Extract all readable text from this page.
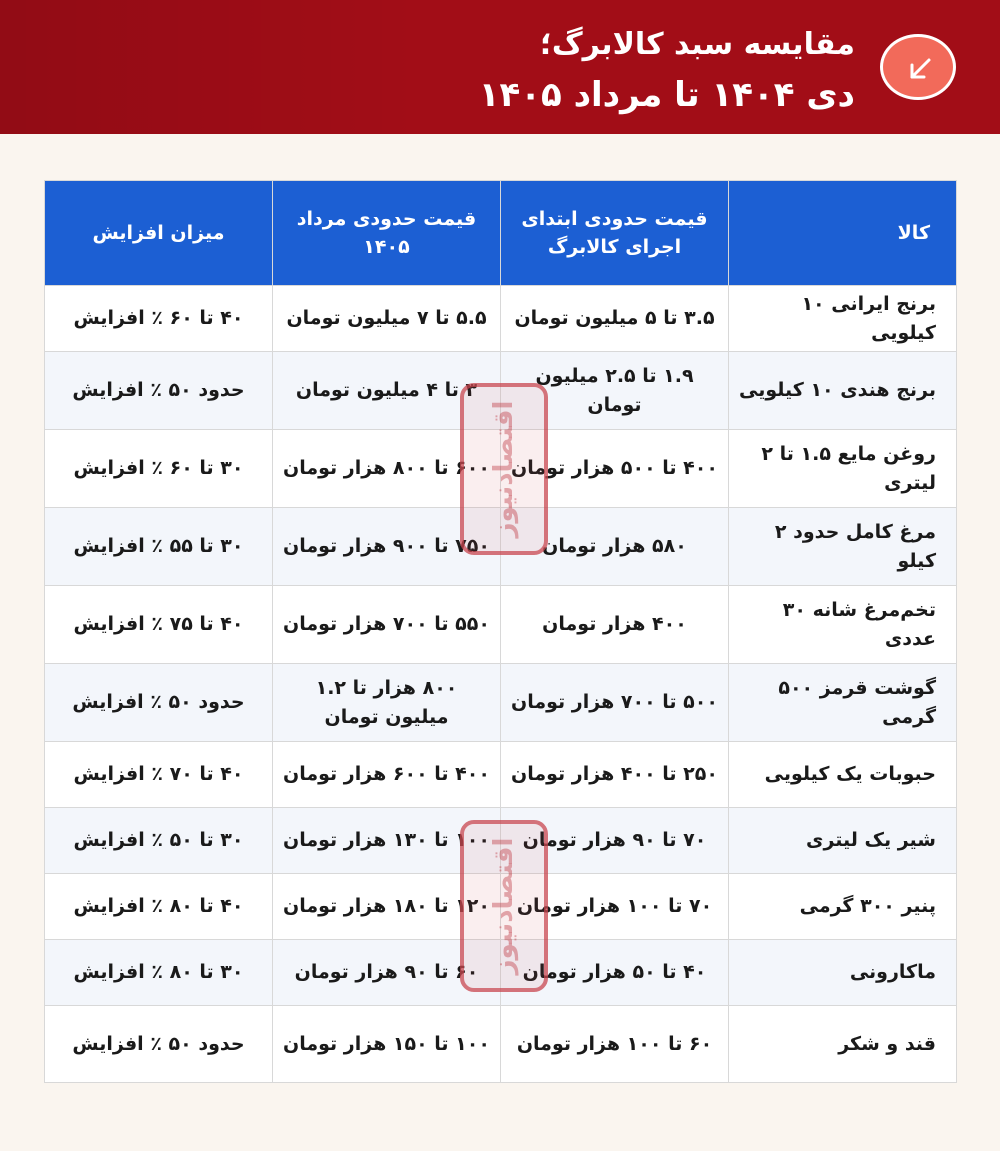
مقایسه سبد کالابرگ؛
دی ۱۴۰۴ تا مرداد ۱۴۰۵
کالا	قیمت حدودی ابتدای اجرای کالابرگ	قیمت حدودی مرداد ۱۴۰۵	میزان افزایش
برنج ایرانی ۱۰ کیلویی	۳.۵ تا ۵ میلیون تومان	۵.۵ تا ۷ میلیون تومان	۴۰ تا ۶۰ ٪ افزایش
برنج هندی ۱۰ کیلویی	۱.۹ تا ۲.۵ میلیون تومان	۳ تا ۴ میلیون تومان	حدود ۵۰ ٪ افزایش
روغن مایع ۱.۵ تا ۲ لیتری	۴۰۰ تا ۵۰۰ هزار تومان	۶۰۰ تا ۸۰۰ هزار تومان	۳۰ تا ۶۰ ٪ افزایش
مرغ کامل حدود ۲ کیلو	۵۸۰ هزار تومان	۷۵۰ تا ۹۰۰ هزار تومان	۳۰ تا ۵۵ ٪ افزایش
تخم‌مرغ شانه ۳۰ عددی	۴۰۰ هزار تومان	۵۵۰ تا ۷۰۰ هزار تومان	۴۰ تا ۷۵ ٪ افزایش
گوشت قرمز ۵۰۰ گرمی	۵۰۰ تا ۷۰۰ هزار تومان	۸۰۰ هزار تا ۱.۲ میلیون تومان	حدود ۵۰ ٪ افزایش
حبوبات یک کیلویی	۲۵۰ تا ۴۰۰ هزار تومان	۴۰۰ تا ۶۰۰ هزار تومان	۴۰ تا ۷۰ ٪ افزایش
شیر یک لیتری	۷۰ تا ۹۰ هزار تومان	۱۰۰ تا ۱۳۰ هزار تومان	۳۰ تا ۵۰ ٪ افزایش
پنیر ۳۰۰ گرمی	۷۰ تا ۱۰۰ هزار تومان	۱۲۰ تا ۱۸۰ هزار تومان	۴۰ تا ۸۰ ٪ افزایش
ماکارونی	۴۰ تا ۵۰ هزار تومان	۶۰ تا ۹۰ هزار تومان	۳۰ تا ۸۰ ٪ افزایش
قند و شکر	۶۰ تا ۱۰۰ هزار تومان	۱۰۰ تا ۱۵۰ هزار تومان	حدود ۵۰ ٪ افزایش
اقتصادنیوز
اقتصادنیوز
